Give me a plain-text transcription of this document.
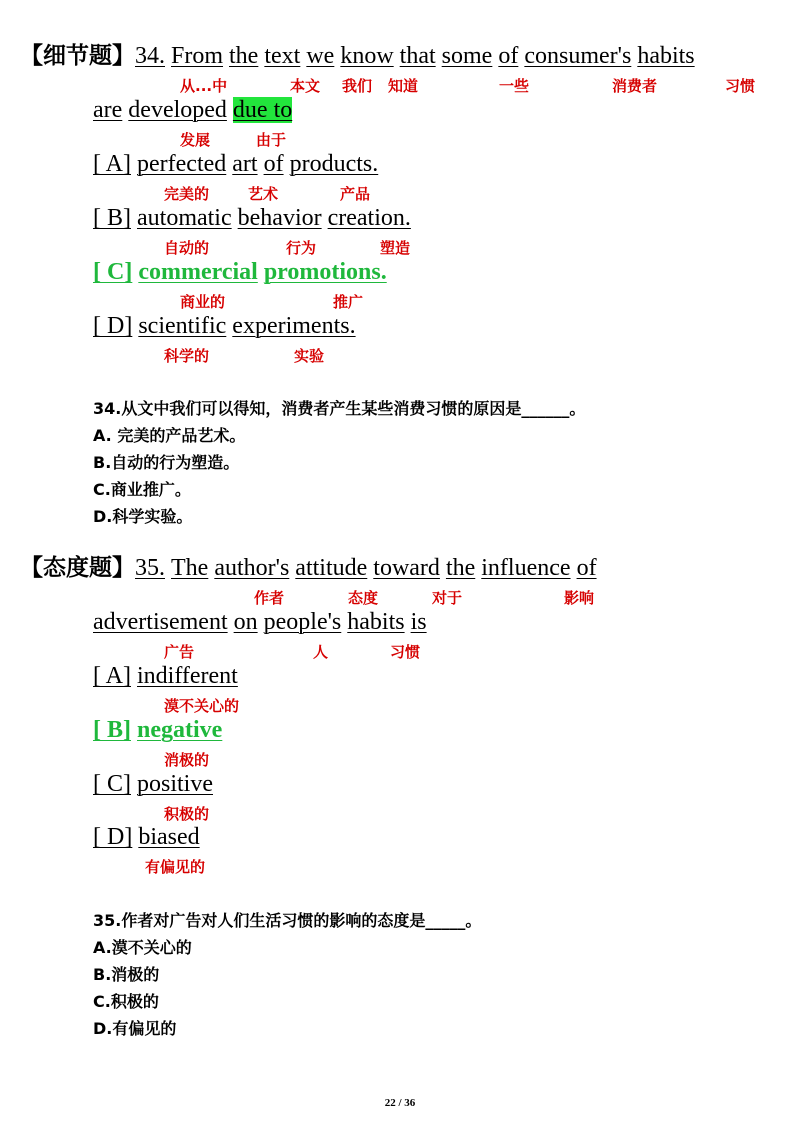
【细节题】34. From the text we know that some of consumer's habits
从...中	本文 我们 知道	一些	消费者	习惯
are developed due to
发展	由于
[ A] perfected art of products.
完美的	艺术	产品
[ B] automatic behavior creation.
自动的	行为	塑造
[ C] commercial promotions.
商业的	推广
[ D] scientific experiments.
科学的	实验
34.从文中我们可以得知，消费者产生某些消费习惯的原因是______。
A. 完美的产品艺术。
B.自动的行为塑造。
C.商业推广。
D.科学实验。
【态度题】35. The author's attitude toward the influence of
作者	态度	对于	影响
advertisement on people's habits is
广告	人	习惯
[ A] indifferent
漠不关心的
[ B] negative
消极的
[ C] positive
积极的
[ D] biased
有偏见的
35.作者对广告对人们生活习惯的影响的态度是_____。
A.漠不关心的
B.消极的
C.积极的
D.有偏见的
22 / 36
